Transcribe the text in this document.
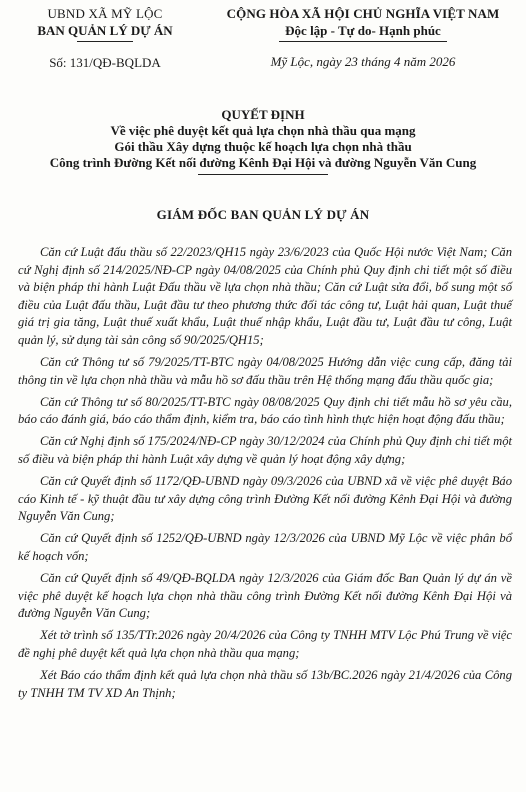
UBND XÃ MỸ LỘC
BAN QUẢN LÝ DỰ ÁN
Số: 131/QĐ-BQLDA
CỘNG HÒA XÃ HỘI CHỦ NGHĨA VIỆT NAM
Độc lập - Tự do- Hạnh phúc
Mỹ Lộc, ngày 23 tháng 4 năm 2026
QUYẾT ĐỊNH
Về việc phê duyệt kết quả lựa chọn nhà thầu qua mạng
Gói thầu Xây dựng thuộc kế hoạch lựa chọn nhà thầu
Công trình Đường Kết nối đường Kênh Đại Hội và đường Nguyễn Văn Cung
GIÁM ĐỐC BAN QUẢN LÝ DỰ ÁN

Căn cứ Luật đấu thầu số 22/2023/QH15 ngày 23/6/2023 của Quốc Hội nước Việt Nam; Căn cứ Nghị định số 214/2025/NĐ-CP ngày 04/08/2025 của Chính phủ Quy định chi tiết một số điều và biện pháp thi hành Luật Đấu thầu về lựa chọn nhà thầu; Căn cứ Luật sửa đổi, bổ sung một số điều của Luật đấu thầu, Luật đầu tư theo phương thức đối tác công tư, Luật hải quan, Luật thuế giá trị gia tăng, Luật thuế xuất khẩu, Luật thuế nhập khẩu, Luật đầu tư, Luật đầu tư công, Luật quản lý, sử dụng tài sản công số 90/2025/QH15;

Căn cứ Thông tư số 79/2025/TT-BTC ngày 04/08/2025 Hướng dẫn việc cung cấp, đăng tải thông tin về lựa chọn nhà thầu và mẫu hồ sơ đấu thầu trên Hệ thống mạng đấu thầu quốc gia;

Căn cứ Thông tư số 80/2025/TT-BTC ngày 08/08/2025 Quy định chi tiết mẫu hồ sơ yêu cầu, báo cáo đánh giá, báo cáo thẩm định, kiểm tra, báo cáo tình hình thực hiện hoạt động đấu thầu;

Căn cứ Nghị định số 175/2024/NĐ-CP ngày 30/12/2024 của Chính phủ Quy định chi tiết một số điều và biện pháp thi hành Luật xây dựng về quản lý hoạt động xây dựng;

Căn cứ Quyết định số 1172/QĐ-UBND ngày 09/3/2026 của UBND xã về việc phê duyệt Báo cáo Kinh tế - kỹ thuật đầu tư xây dựng công trình Đường Kết nối đường Kênh Đại Hội và đường Nguyễn Văn Cung;

Căn cứ Quyết định số 1252/QĐ-UBND ngày 12/3/2026 của UBND Mỹ Lộc về việc phân bổ kế hoạch vốn;

Căn cứ Quyết định số 49/QĐ-BQLDA ngày 12/3/2026 của Giám đốc Ban Quản lý dự án về việc phê duyệt kế hoạch lựa chọn nhà thầu công trình Đường Kết nối đường Kênh Đại Hội và đường Nguyễn Văn Cung;

Xét tờ trình số 135/TTr.2026 ngày 20/4/2026 của Công ty TNHH MTV Lộc Phú Trung về việc đề nghị phê duyệt kết quả lựa chọn nhà thầu qua mạng;

Xét Báo cáo thẩm định kết quả lựa chọn nhà thầu số 13b/BC.2026 ngày 21/4/2026 của Công ty TNHH TM TV XD An Thịnh;
